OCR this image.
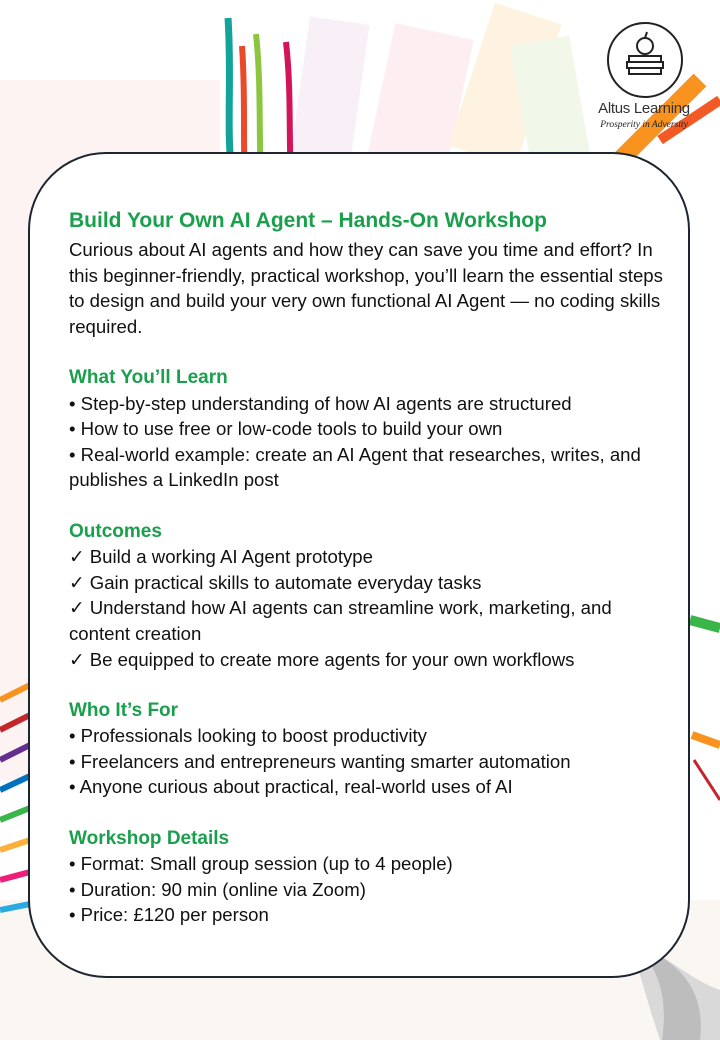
Altus Learning
Prosperity in Adversity
Build Your Own AI Agent – Hands-On Workshop

Curious about AI agents and how they can save you time and effort? In this beginner-friendly, practical workshop, you’ll learn the essential steps to design and build your very own functional AI Agent — no coding skills required.

What You’ll Learn
• Step-by-step understanding of how AI agents are structured
• How to use free or low-code tools to build your own
• Real-world example: create an AI Agent that researches, writes, and publishes a LinkedIn post
Outcomes
✓ Build a working AI Agent prototype
✓ Gain practical skills to automate everyday tasks
✓ Understand how AI agents can streamline work, marketing, and content creation
✓ Be equipped to create more agents for your own workflows
Who It’s For
• Professionals looking to boost productivity
• Freelancers and entrepreneurs wanting smarter automation
• Anyone curious about practical, real-world uses of AI
Workshop Details
• Format: Small group session (up to 4 people)
• Duration: 90 min (online via Zoom)
• Price: £120 per person
